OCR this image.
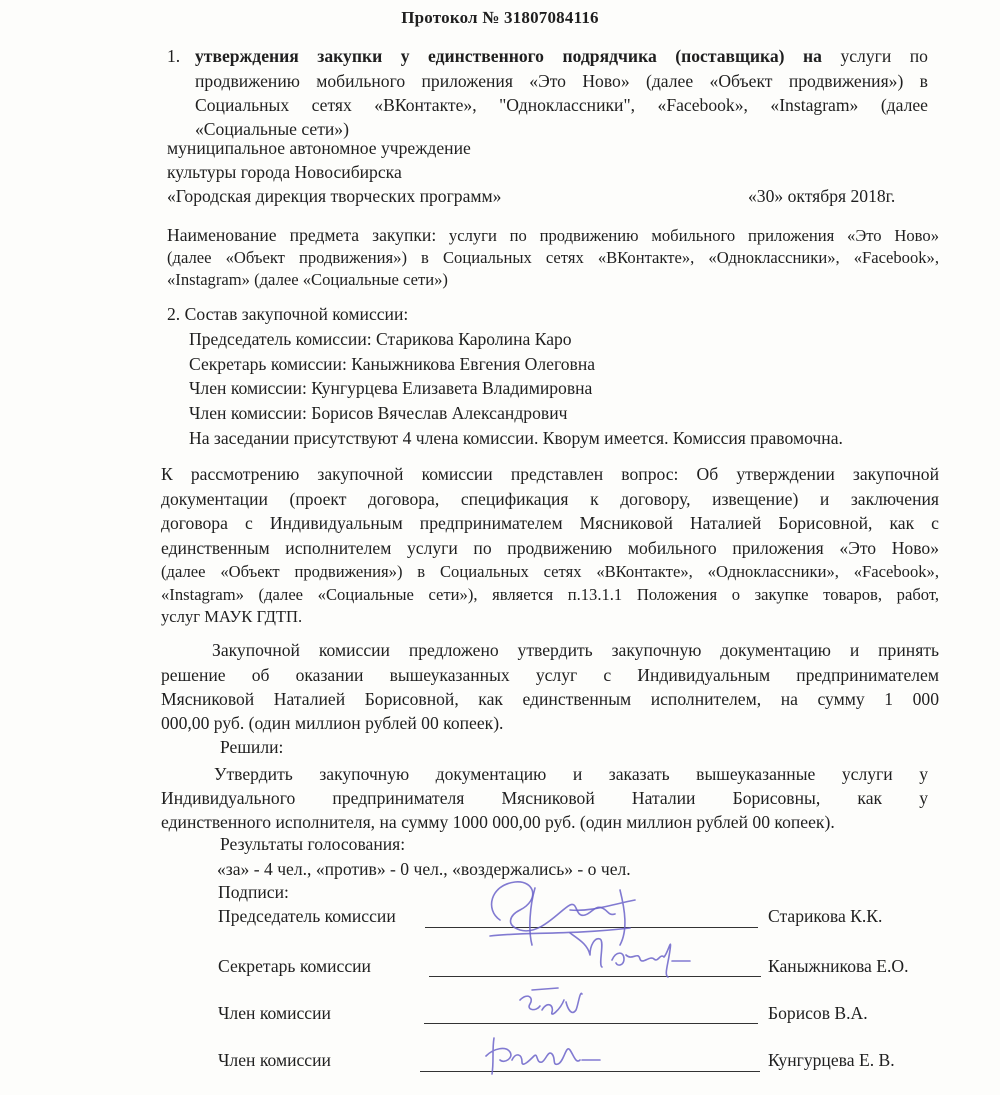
Протокол № 31807084116
1. утверждения закупки у единственного подрядчика (поставщика) на услуги по
продвижению мобильного приложения «Это Ново» (далее «Объект продвижения») в
Социальных сетях «ВКонтакте», "Одноклассники", «Facebook», «Instagram» (далее
«Социальные сети»)
муниципальное автономное учреждение
культуры города Новосибирска
«Городская дирекция творческих программ»	«30» октября 2018г.
Наименование предмета закупки: услуги по продвижению мобильного приложения «Это Ново»
(далее «Объект продвижения») в Социальных сетях «ВКонтакте», «Одноклассники», «Facebook»,
«Instagram» (далее «Социальные сети»)
2. Состав закупочной комиссии:
Председатель комиссии: Старикова Каролина Каро
Секретарь комиссии: Каныжникова Евгения Олеговна
Член комиссии: Кунгурцева Елизавета Владимировна
Член комиссии: Борисов Вячеслав Александрович
На заседании присутствуют 4 члена комиссии. Кворум имеется. Комиссия правомочна.
К рассмотрению закупочной комиссии представлен вопрос: Об утверждении закупочной
документации (проект договора, спецификация к договору, извещение) и заключения
договора с Индивидуальным предпринимателем Мясниковой Наталией Борисовной, как с
единственным исполнителем услуги по продвижению мобильного приложения «Это Ново»
(далее «Объект продвижения») в Социальных сетях «ВКонтакте», «Одноклассники», «Facebook»,
«Instagram» (далее «Социальные сети»), является п.13.1.1 Положения о закупке товаров, работ,
услуг МАУК ГДТП.
Закупочной комиссии предложено утвердить закупочную документацию и принять
решение об оказании вышеуказанных услуг с Индивидуальным предпринимателем
Мясниковой Наталией Борисовной, как единственным исполнителем, на сумму 1 000
000,00 руб. (один миллион рублей 00 копеек).
Решили:
Утвердить закупочную документацию и заказать вышеуказанные услуги у
Индивидуального предпринимателя Мясниковой Наталии Борисовны, как у
единственного исполнителя, на сумму 1000 000,00 руб. (один миллион рублей 00 копеек).
Результаты голосования:
«за» - 4 чел., «против» - 0 чел., «воздержались» - о чел.
Подписи:
Председатель комиссии	Старикова К.К.
Секретарь комиссии	Каныжникова Е.О.
Член комиссии	Борисов В.А.
Член комиссии	Кунгурцева Е. В.
